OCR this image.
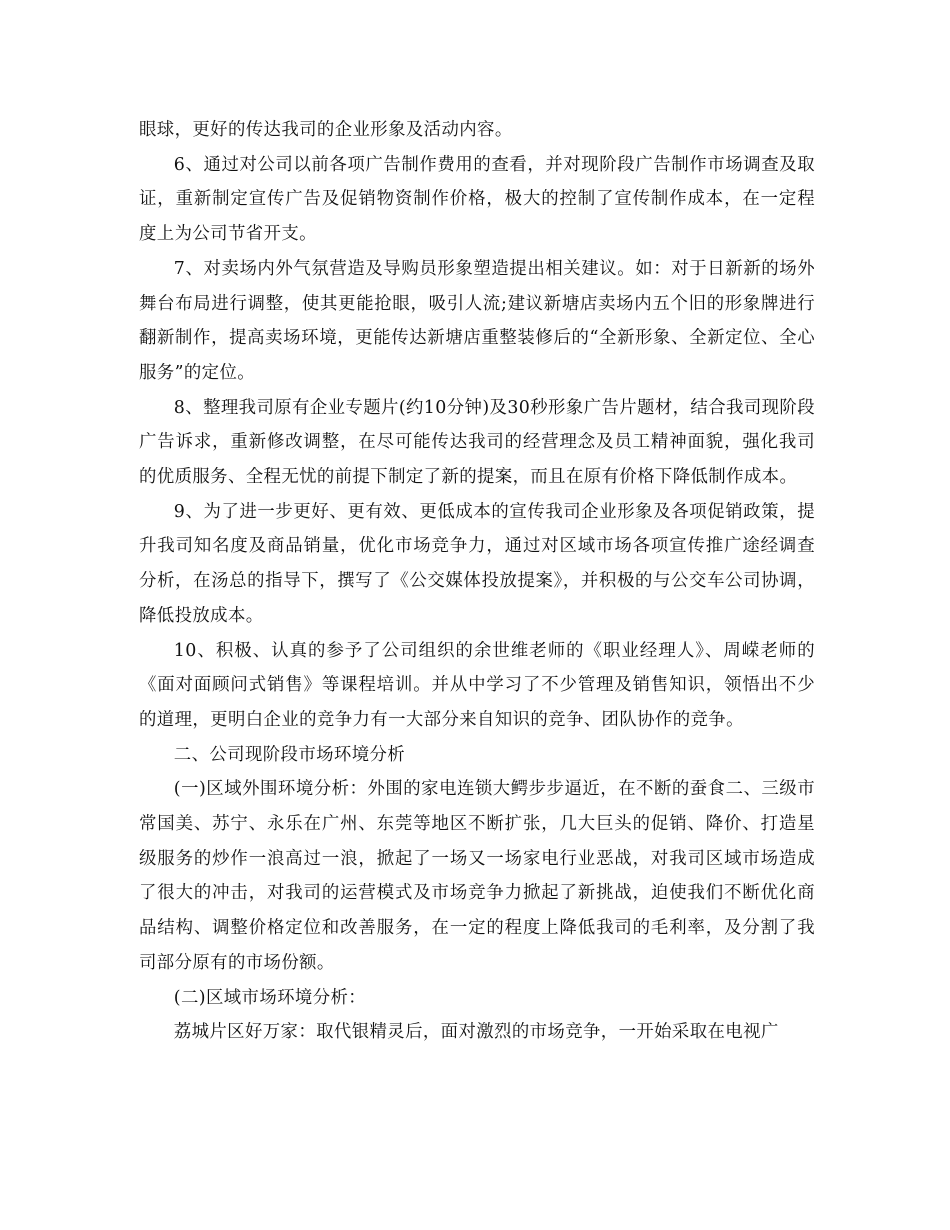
眼球，更好的传达我司的企业形象及活动内容。

6、通过对公司以前各项广告制作费用的查看，并对现阶段广告制作市场调查及取证，重新制定宣传广告及促销物资制作价格，极大的控制了宣传制作成本，在一定程度上为公司节省开支。

7、对卖场内外气氛营造及导购员形象塑造提出相关建议。如：对于日新新的场外舞台布局进行调整，使其更能抢眼，吸引人流;建议新塘店卖场内五个旧的形象牌进行翻新制作，提高卖场环境，更能传达新塘店重整装修后的“全新形象、全新定位、全心服务”的定位。

8、整理我司原有企业专题片(约10分钟)及30秒形象广告片题材，结合我司现阶段广告诉求，重新修改调整，在尽可能传达我司的经营理念及员工精神面貌，强化我司的优质服务、全程无忧的前提下制定了新的提案，而且在原有价格下降低制作成本。

9、为了进一步更好、更有效、更低成本的宣传我司企业形象及各项促销政策，提升我司知名度及商品销量，优化市场竞争力，通过对区域市场各项宣传推广途经调查分析，在汤总的指导下，撰写了《公交媒体投放提案》，并积极的与公交车公司协调，降低投放成本。

10、积极、认真的参予了公司组织的余世维老师的《职业经理人》、周嵘老师的《面对面顾问式销售》等课程培训。并从中学习了不少管理及销售知识，领悟出不少的道理，更明白企业的竞争力有一大部分来自知识的竞争、团队协作的竞争。

二、公司现阶段市场环境分析

(一)区域外围环境分析：外围的家电连锁大鳄步步逼近，在不断的蚕食二、三级市常国美、苏宁、永乐在广州、东莞等地区不断扩张，几大巨头的促销、降价、打造星级服务的炒作一浪高过一浪，掀起了一场又一场家电行业恶战，对我司区域市场造成了很大的冲击，对我司的运营模式及市场竞争力掀起了新挑战，迫使我们不断优化商品结构、调整价格定位和改善服务，在一定的程度上降低我司的毛利率，及分割了我司部分原有的市场份额。

(二)区域市场环境分析：

荔城片区好万家：取代银精灵后，面对激烈的市场竞争，一开始采取在电视广
